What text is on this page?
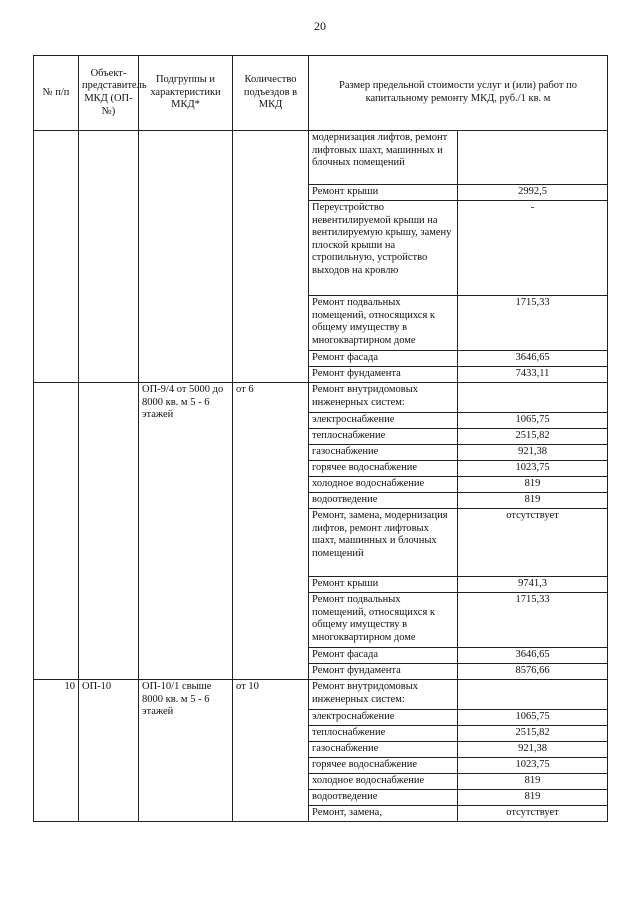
20
№ п/п	Объект-представитель МКД (ОП-№)	Подгруппы и характеристики МКД*	Количество подъездов в МКД	Размер предельной стоимости услуг и (или) работ по капитальному ремонту МКД, руб./1 кв. м	
				модернизация лифтов, ремонт лифтовых шахт, машинных и блочных помещений	
				Ремонт крыши	2992,5
				Переустройство невентилируемой крыши на вентилируемую крышу, замену плоской крыши на стропильную, устройство выходов на кровлю	-
				Ремонт подвальных помещений, относящихся к общему имуществу в многоквартирном доме	1715,33
				Ремонт фасада	3646,65
				Ремонт фундамента	7433,11
		ОП-9/4 от 5000 до 8000 кв. м 5 - 6 этажей	от 6	Ремонт внутридомовых инженерных систем:	
				электроснабжение	1065,75
				теплоснабжение	2515,82
				газоснабжение	921,38
				горячее водоснабжение	1023,75
				холодное водоснабжение	819
				водоотведение	819
				Ремонт, замена, модернизация лифтов, ремонт лифтовых шахт, машинных и блочных помещений	отсутствует
				Ремонт крыши	9741,3
				Ремонт подвальных помещений, относящихся к общему имуществу в многоквартирном доме	1715,33
				Ремонт фасада	3646,65
				Ремонт фундамента	8576,66
10	ОП-10	ОП-10/1 свыше 8000 кв. м 5 - 6 этажей	от 10	Ремонт внутридомовых инженерных систем:	
				электроснабжение	1065,75
				теплоснабжение	2515,82
				газоснабжение	921,38
				горячее водоснабжение	1023,75
				холодное водоснабжение	819
				водоотведение	819
				Ремонт, замена,	отсутствует
